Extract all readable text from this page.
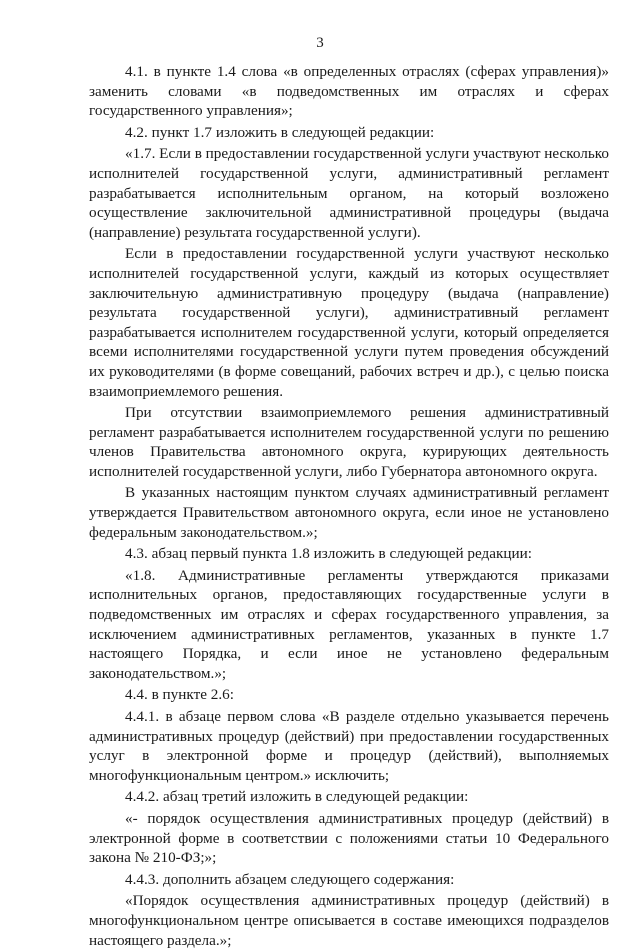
3

4.1. в пункте 1.4 слова «в определенных отраслях (сферах управления)» заменить словами «в подведомственных им отраслях и сферах государственного управления»;

4.2. пункт 1.7 изложить в следующей редакции:

«1.7. Если в предоставлении государственной услуги участвуют несколько исполнителей государственной услуги, административный регламент разрабатывается исполнительным органом, на который возложено осуществление заключительной административной процедуры (выдача (направление) результата государственной услуги).

Если в предоставлении государственной услуги участвуют несколько исполнителей государственной услуги, каждый из которых осуществляет заключительную административную процедуру (выдача (направление) результата государственной услуги), административный регламент разрабатывается исполнителем государственной услуги, который определяется всеми исполнителями государственной услуги путем проведения обсуждений их руководителями (в форме совещаний, рабочих встреч и др.), с целью поиска взаимоприемлемого решения.

При отсутствии взаимоприемлемого решения административный регламент разрабатывается исполнителем государственной услуги по решению членов Правительства автономного округа, курирующих деятельность исполнителей государственной услуги, либо Губернатора автономного округа.

В указанных настоящим пунктом случаях административный регламент утверждается Правительством автономного округа, если иное не установлено федеральным законодательством.»;

4.3. абзац первый пункта 1.8 изложить в следующей редакции:

«1.8. Административные регламенты утверждаются приказами исполнительных органов, предоставляющих государственные услуги в подведомственных им отраслях и сферах государственного управления, за исключением административных регламентов, указанных в пункте 1.7 настоящего Порядка, и если иное не установлено федеральным законодательством.»;

4.4. в пункте 2.6:

4.4.1. в абзаце первом слова «В разделе отдельно указывается перечень административных процедур (действий) при предоставлении государственных услуг в электронной форме и процедур (действий), выполняемых многофункциональным центром.» исключить;

4.4.2. абзац третий изложить в следующей редакции:

«- порядок осуществления административных процедур (действий) в электронной форме в соответствии с положениями статьи 10 Федерального закона № 210-ФЗ;»;

4.4.3. дополнить абзацем следующего содержания:

«Порядок осуществления административных процедур (действий) в многофункциональном центре описывается в составе имеющихся подразделов настоящего раздела.»;
